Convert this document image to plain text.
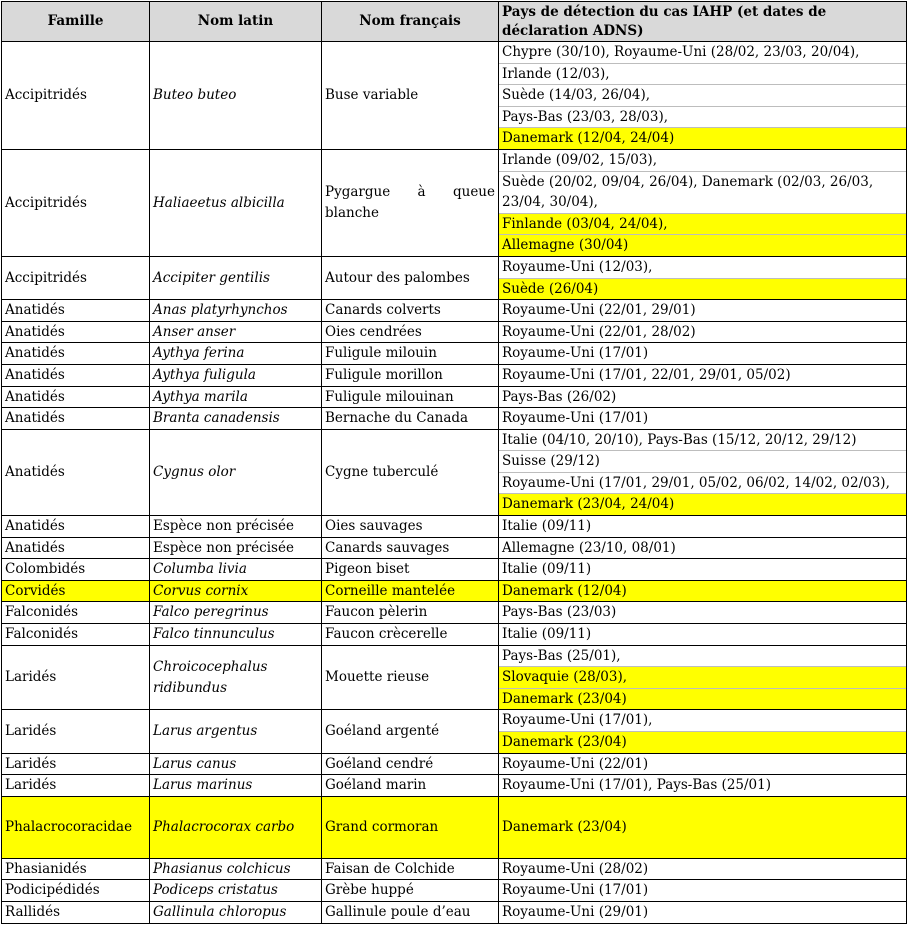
Famille	Nom latin	Nom français	Pays de détection du cas IAHP (et dates de déclaration ADNS)
Accipitridés	Buteo buteo	Buse variable	Chypre (30/10), Royaume-Uni (28/02, 23/03, 20/04),
Irlande (12/03),
Suède (14/03, 26/04),
Pays-Bas (23/03, 28/03),
Danemark (12/04, 24/04)

Accipitridés	Haliaeetus albicilla	Pygargue à queue blanche	Irlande (09/02, 15/03),
Suède (20/02, 09/04, 26/04), Danemark (02/03, 26/03, 23/04, 30/04),
Finlande (03/04, 24/04),
Allemagne (30/04)

Accipitridés	Accipiter gentilis	Autour des palombes	Royaume-Uni (12/03),
Suède (26/04)

Anatidés	Anas platyrhynchos	Canards colverts	Royaume-Uni (22/01, 29/01)
Anatidés	Anser anser	Oies cendrées	Royaume-Uni (22/01, 28/02)
Anatidés	Aythya ferina	Fuligule milouin	Royaume-Uni (17/01)
Anatidés	Aythya fuligula	Fuligule morillon	Royaume-Uni (17/01, 22/01, 29/01, 05/02)
Anatidés	Aythya marila	Fuligule milouinan	Pays-Bas (26/02)
Anatidés	Branta canadensis	Bernache du Canada	Royaume-Uni (17/01)
Anatidés	Cygnus olor	Cygne tuberculé	Italie (04/10, 20/10), Pays-Bas (15/12, 20/12, 29/12)
Suisse (29/12)
Royaume-Uni (17/01, 29/01, 05/02, 06/02, 14/02, 02/03),
Danemark (23/04, 24/04)

Anatidés	Espèce non précisée	Oies sauvages	Italie (09/11)
Anatidés	Espèce non précisée	Canards sauvages	Allemagne (23/10, 08/01)
Colombidés	Columba livia	Pigeon biset	Italie (09/11)
Corvidés	Corvus cornix	Corneille mantelée	Danemark (12/04)
Falconidés	Falco peregrinus	Faucon pèlerin	Pays-Bas (23/03)
Falconidés	Falco tinnunculus	Faucon crècerelle	Italie (09/11)
Laridés	Chroicocephalus ridibundus	Mouette rieuse	Pays-Bas (25/01),
Slovaquie (28/03),
Danemark (23/04)

Laridés	Larus argentus	Goéland argenté	Royaume-Uni (17/01),
Danemark (23/04)

Laridés	Larus canus	Goéland cendré	Royaume-Uni (22/01)
Laridés	Larus marinus	Goéland marin	Royaume-Uni (17/01), Pays-Bas (25/01)
Phalacrocoracidae	Phalacrocorax carbo	Grand cormoran	Danemark (23/04)
Phasianidés	Phasianus colchicus	Faisan de Colchide	Royaume-Uni (28/02)
Podicipédidés	Podiceps cristatus	Grèbe huppé	Royaume-Uni (17/01)
Rallidés	Gallinula chloropus	Gallinule poule d’eau	Royaume-Uni (29/01)
